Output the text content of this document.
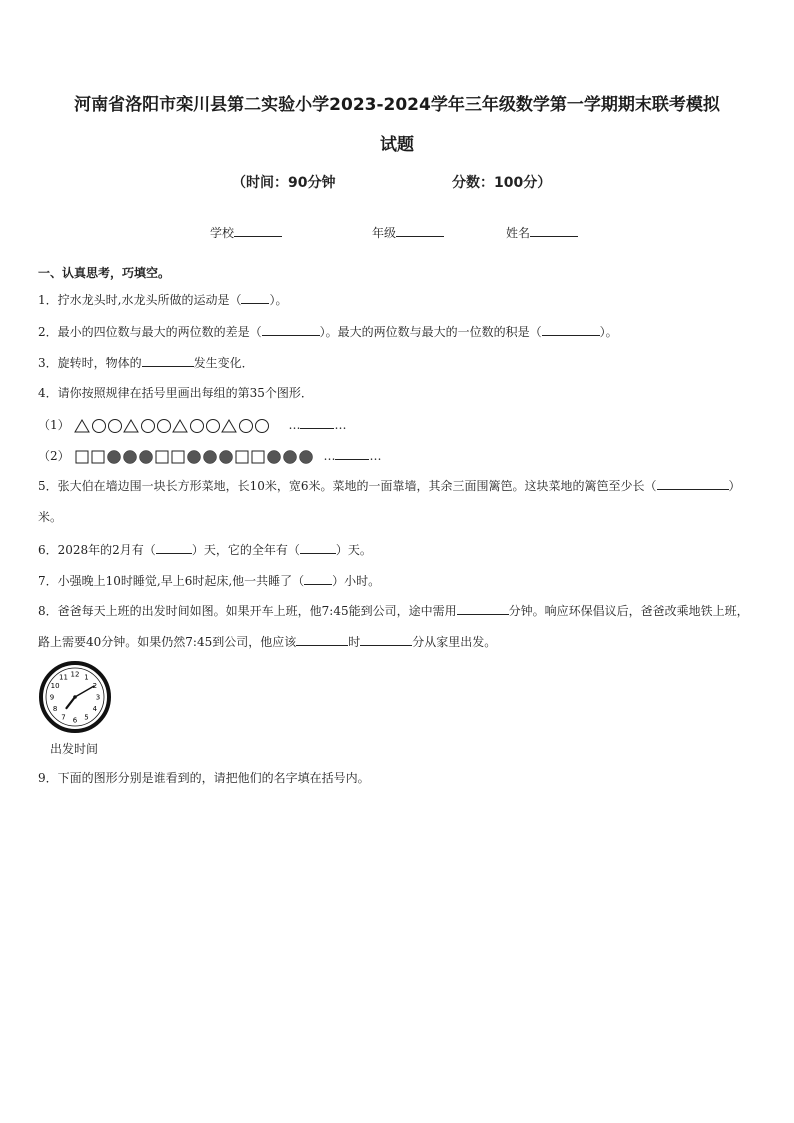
河南省洛阳市栾川县第二实验小学2023-2024学年三年级数学第一学期期末联考模拟
试题
（时间：90分钟	分数：100分）
学校	年级	姓名
一、认真思考，巧填空。
1．拧水龙头时,水龙头所做的运动是（ ）。
2．最小的四位数与最大的两位数的差是（	）。最大的两位数与最大的一位数的积是（	）。
3．旋转时，物体的	发生变化．
4．请你按照规律在括号里画出每组的第35个图形．
（1）	…	…
（2）	…	…
5．张大伯在墙边围一块长方形菜地，长10米，宽6米。菜地的一面靠墙，其余三面围篱笆。这块菜地的篱笆至少长（	）米。
6．2028年的2月有（	）天，它的全年有（	）天。
7．小强晚上10时睡觉,早上6时起床,他一共睡了（ ）小时。
8．爸爸每天上班的出发时间如图。如果开车上班，他7:45能到公司，途中需用	分钟。响应环保倡议后，爸爸改乘地铁上班，路上需要40分钟。如果仍然7:45到公司，他应该	时	分从家里出发。
12 1
2
3
4
5
6
7
8
9
10
11
出发时间
9．下面的图形分别是谁看到的，请把他们的名字填在括号内。
